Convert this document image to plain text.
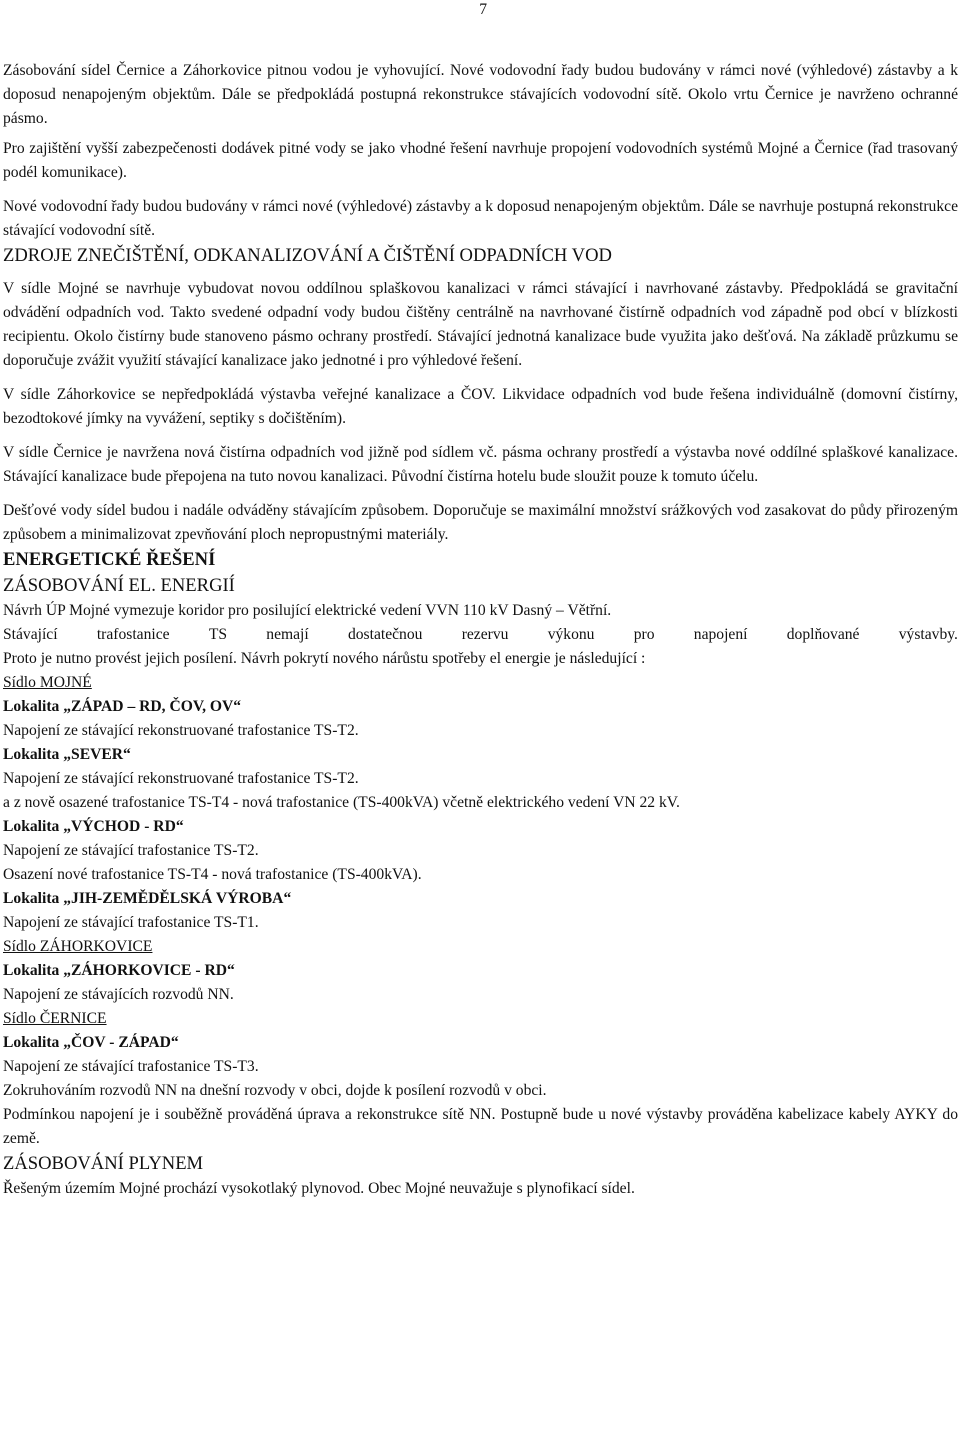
7

Zásobování sídel Černice a Záhorkovice pitnou vodou je vyhovující. Nové vodovodní řady budou budovány v rámci nové (výhledové) zástavby a k doposud nenapojeným objektům. Dále se předpokládá postupná rekonstrukce stávajících vodovodní sítě. Okolo vrtu Černice je navrženo ochranné pásmo.

Pro zajištění vyšší zabezpečenosti dodávek pitné vody se jako vhodné řešení navrhuje propojení vodovodních systémů Mojné a Černice (řad trasovaný podél komunikace).

Nové vodovodní řady budou budovány v rámci nové (výhledové) zástavby a k doposud nenapojeným objektům. Dále se navrhuje postupná rekonstrukce stávající vodovodní sítě.

ZDROJE ZNEČIŠTĚNÍ, ODKANALIZOVÁNÍ A ČIŠTĚNÍ ODPADNÍCH VOD

V sídle Mojné se navrhuje vybudovat novou oddílnou splaškovou kanalizaci v rámci stávající i navrhované zástavby. Předpokládá se gravitační odvádění odpadních vod. Takto svedené odpadní vody budou čištěny centrálně na navrhované čistírně odpadních vod západně pod obcí v blízkosti recipientu. Okolo čistírny bude stanoveno pásmo ochrany prostředí. Stávající jednotná kanalizace bude využita jako dešťová. Na základě průzkumu se doporučuje zvážit využití stávající kanalizace jako jednotné i pro výhledové řešení.

V sídle Záhorkovice se nepředpokládá výstavba veřejné kanalizace a ČOV. Likvidace odpadních vod bude řešena individuálně (domovní čistírny, bezodtokové jímky na vyvážení, septiky s dočištěním).

V sídle Černice je navržena nová čistírna odpadních vod jižně pod sídlem vč. pásma ochrany prostředí a výstavba nové oddílné splaškové kanalizace. Stávající kanalizace bude přepojena na tuto novou kanalizaci. Původní čistírna hotelu bude sloužit pouze k tomuto účelu.

Dešťové vody sídel budou i nadále odváděny stávajícím způsobem. Doporučuje se maximální množství srážkových vod zasakovat do půdy přirozeným způsobem a minimalizovat zpevňování ploch nepropustnými materiály.

ENERGETICKÉ ŘEŠENÍ

ZÁSOBOVÁNÍ EL. ENERGIÍ

Návrh ÚP Mojné vymezuje koridor pro posilující elektrické vedení VVN 110 kV Dasný – Větřní.

Stávající	trafostanice	TS	nemají	dostatečnou	rezervu	výkonu	pro	napojení	doplňované	výstavby.

Proto je nutno provést jejich posílení. Návrh pokrytí nového nárůstu spotřeby el energie je následující :

Sídlo MOJNÉ

Lokalita „ZÁPAD – RD, ČOV, OV“

Napojení ze stávající rekonstruované trafostanice TS-T2.

Lokalita „SEVER“

Napojení ze stávající rekonstruované trafostanice TS-T2.

a z nově osazené trafostanice TS-T4 - nová trafostanice (TS-400kVA) včetně elektrického vedení VN 22 kV.

Lokalita „VÝCHOD - RD“

Napojení ze stávající trafostanice TS-T2.

Osazení nové trafostanice TS-T4 - nová trafostanice (TS-400kVA).

Lokalita „JIH-ZEMĚDĚLSKÁ VÝROBA“

Napojení ze stávající trafostanice TS-T1.

Sídlo ZÁHORKOVICE

Lokalita „ZÁHORKOVICE - RD“

Napojení ze stávajících rozvodů NN.

Sídlo ČERNICE

Lokalita „ČOV - ZÁPAD“

Napojení ze stávající trafostanice TS-T3.

Zokruhováním rozvodů NN na dnešní rozvody v obci, dojde k posílení rozvodů v obci.

Podmínkou napojení je i souběžně prováděná úprava a rekonstrukce sítě NN. Postupně bude u nové výstavby prováděna kabelizace kabely AYKY do země.

ZÁSOBOVÁNÍ PLYNEM

Řešeným územím Mojné prochází vysokotlaký plynovod. Obec Mojné neuvažuje s plynofikací sídel.
